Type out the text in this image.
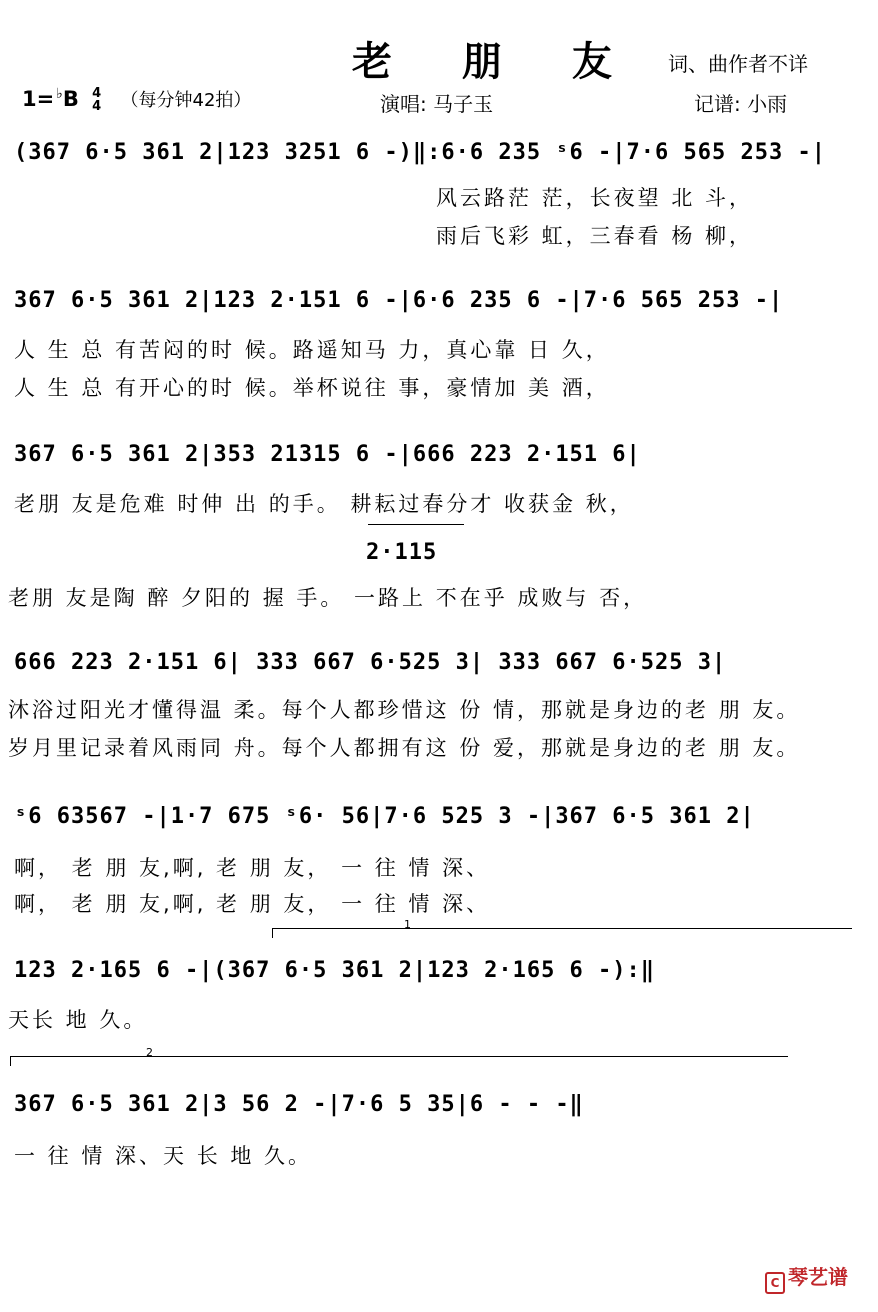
老 朋 友 词、曲作者不详
1= ♭B 4
4 （每分钟42拍）	演唱: 马子玉	记谱: 小雨
(367 6·5 361 2|123 3251 6 -)‖:6·6 235 ˢ6 -|7·6 565 253 -|
风云路茫 茫，长夜望 北 斗，
雨后飞彩 虹，三春看 杨 柳，
367 6·5 361 2|123 2·151 6 -|6·6 235 6 -|7·6 565 253 -|
人 生 总 有苦闷的时 候。路遥知马 力，真心靠 日 久，
人 生 总 有开心的时 候。举杯说往 事，豪情加 美 酒，
367 6·5 361 2|353 21315 6 -|666 223 2·151 6|
老朋 友是危难 时伸 出 的手。 耕耘过春分才 收获金 秋，
2·115
老朋 友是陶 醉 夕阳的 握 手。 一路上 不在乎 成败与 否，
666 223 2·151 6| 333 667 6·525 3| 333 667 6·525 3|
沐浴过阳光才懂得温 柔。每个人都珍惜这 份 情，那就是身边的老 朋 友。
岁月里记录着风雨同 舟。每个人都拥有这 份 爱，那就是身边的老 朋 友。
ˢ6 63567 -|1·7 675 ˢ6· 56|7·6 525 3 -|367 6·5 361 2|
啊， 老 朋 友,啊, 老 朋 友， 一 往 情 深、
啊， 老 朋 友,啊, 老 朋 友， 一 往 情 深、
1
123 2·165 6 -|(367 6·5 361 2|123 2·165 6 -):‖
天长 地 久。
2
367 6·5 361 2|3 56 2 -|7·6 5 35|6 - - -‖
一 往 情 深、天 长 地 久。
C 琴艺谱
